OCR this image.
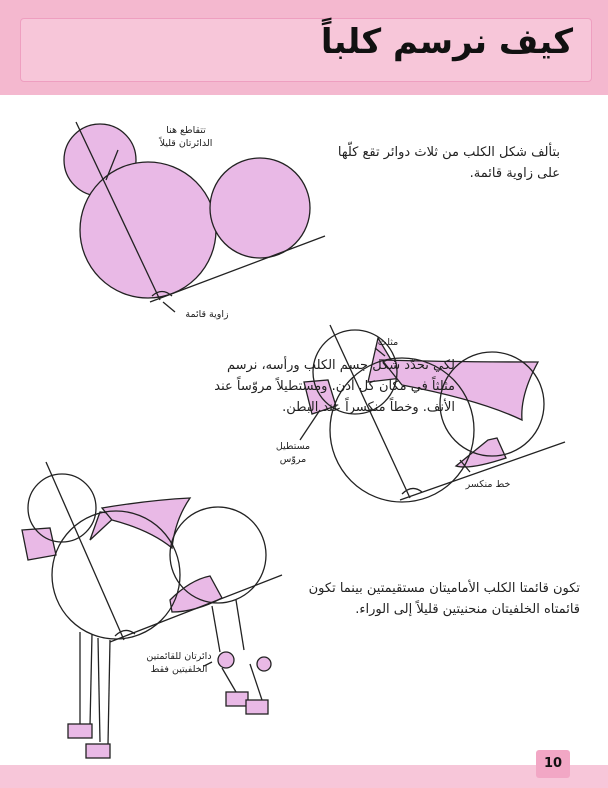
كيف نرسم كلباً
بتألف شكل الكلب من ثلاث دوائر تقع كلّها على زاوية قائمة.
لكي نحدّد شكل جسم الكلب ورأسه، نرسم مثلثاً في مكان كل أذن. ومستطيلاً مروّساً عند الأنف. وخطاً منكسراً عند البطن.
تكون قائمتا الكلب الأماميتان مستقيمتين بينما تكون قائمتاه الخلفيتان منحنيتين قليلاً إلى الوراء.
تتقاطع هنا الدائرتان قليلاً
زاوية قائمة
مثلث
مستطيل مروّس
خط منكسر
دائرتان للقائمتين الخلفيتين فقط
10
